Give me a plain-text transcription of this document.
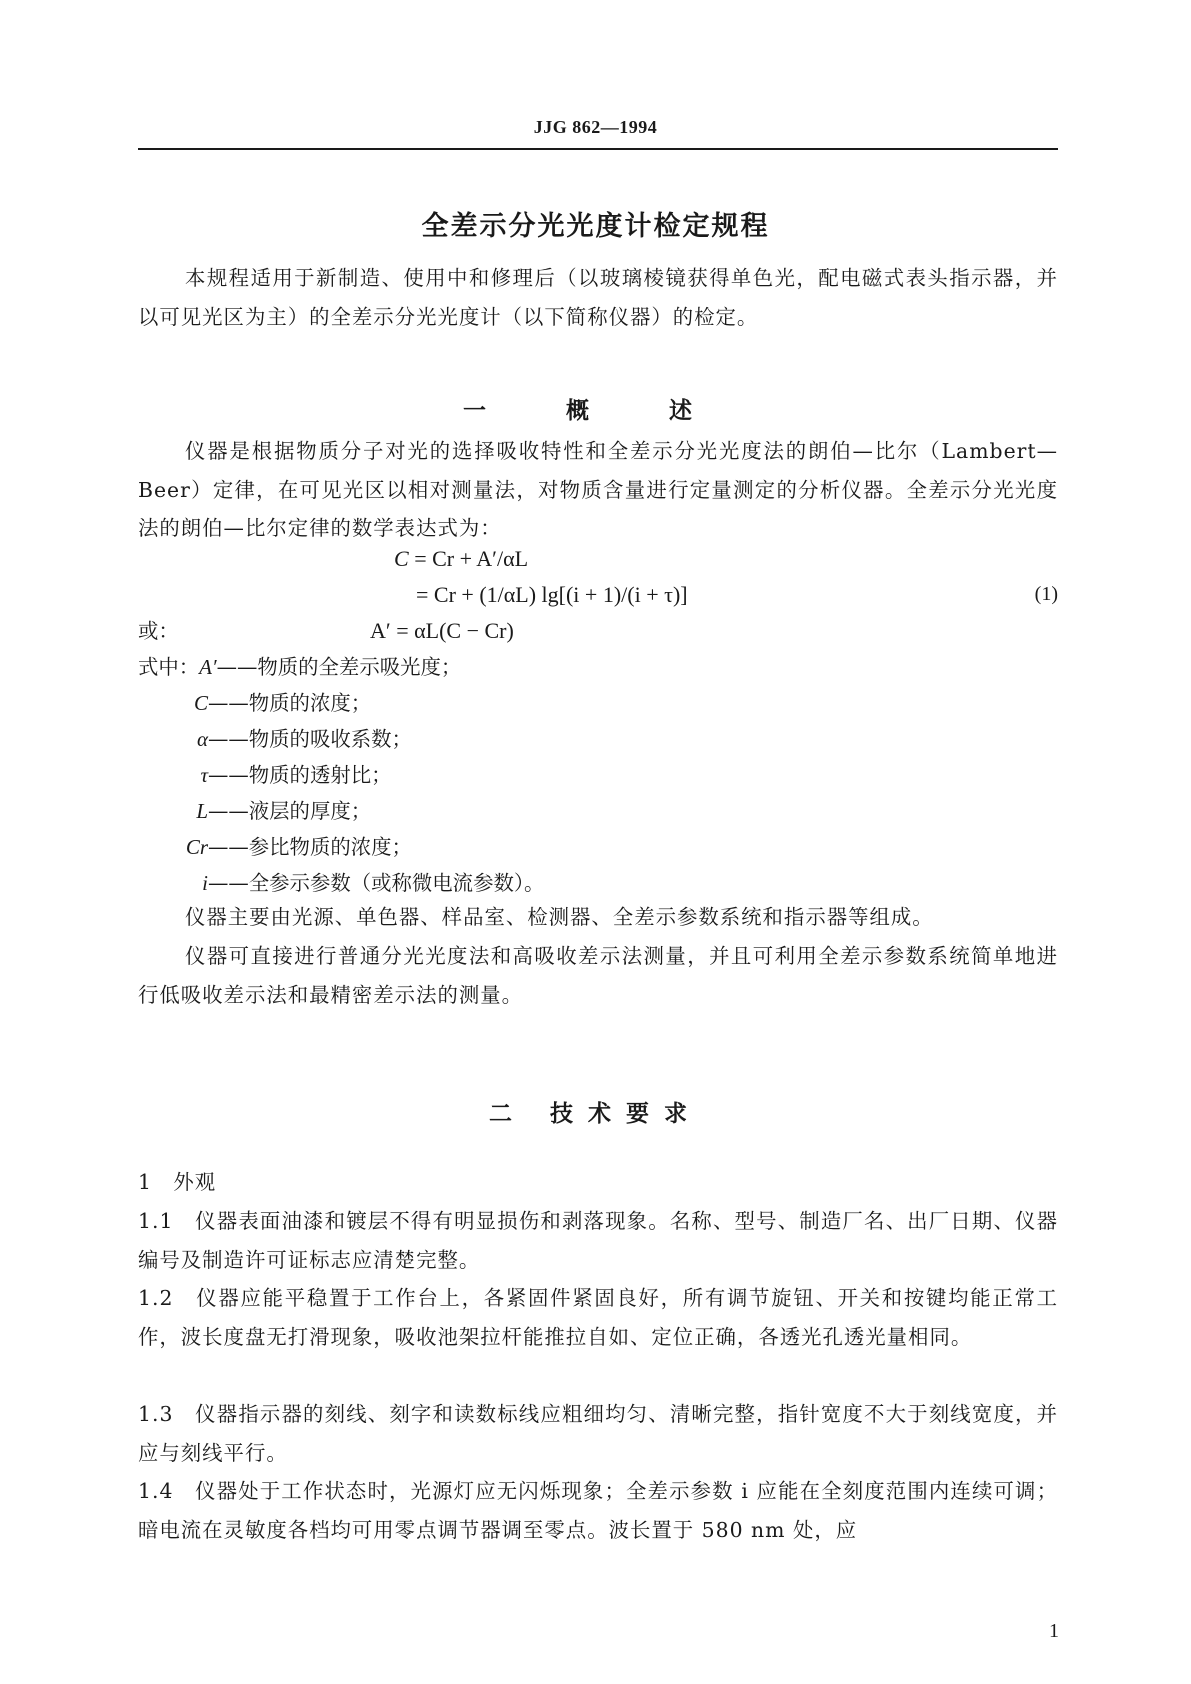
JJG 862—1994
全差示分光光度计检定规程
本规程适用于新制造、使用中和修理后（以玻璃棱镜获得单色光，配电磁式表头指示器，并以可见光区为主）的全差示分光光度计（以下简称仪器）的检定。
一 概 述
仪器是根据物质分子对光的选择吸收特性和全差示分光光度法的朗伯—比尔（Lambert—Beer）定律，在可见光区以相对测量法，对物质含量进行定量测定的分析仪器。全差示分光光度法的朗伯—比尔定律的数学表达式为：
C = Cr + A′/αL
= Cr + (1/αL) lg[(i + 1)/(i + τ)]	(1)
或：	A′ = αL(C − Cr)
式中：A′——物质的全差示吸光度；
C——物质的浓度；
α——物质的吸收系数；
τ——物质的透射比；
L——液层的厚度；
Cr——参比物质的浓度；
i——全参示参数（或称微电流参数）。
仪器主要由光源、单色器、样品室、检测器、全差示参数系统和指示器等组成。
仪器可直接进行普通分光光度法和高吸收差示法测量，并且可利用全差示参数系统简单地进行低吸收差示法和最精密差示法的测量。
二 技术要求
1　外观
1.1　仪器表面油漆和镀层不得有明显损伤和剥落现象。名称、型号、制造厂名、出厂日期、仪器编号及制造许可证标志应清楚完整。
1.2　仪器应能平稳置于工作台上，各紧固件紧固良好，所有调节旋钮、开关和按键均能正常工作，波长度盘无打滑现象，吸收池架拉杆能推拉自如、定位正确，各透光孔透光量相同。
1.3　仪器指示器的刻线、刻字和读数标线应粗细均匀、清晰完整，指针宽度不大于刻线宽度，并应与刻线平行。
1.4　仪器处于工作状态时，光源灯应无闪烁现象；全差示参数 i 应能在全刻度范围内连续可调；暗电流在灵敏度各档均可用零点调节器调至零点。波长置于 580 nm 处，应
1
